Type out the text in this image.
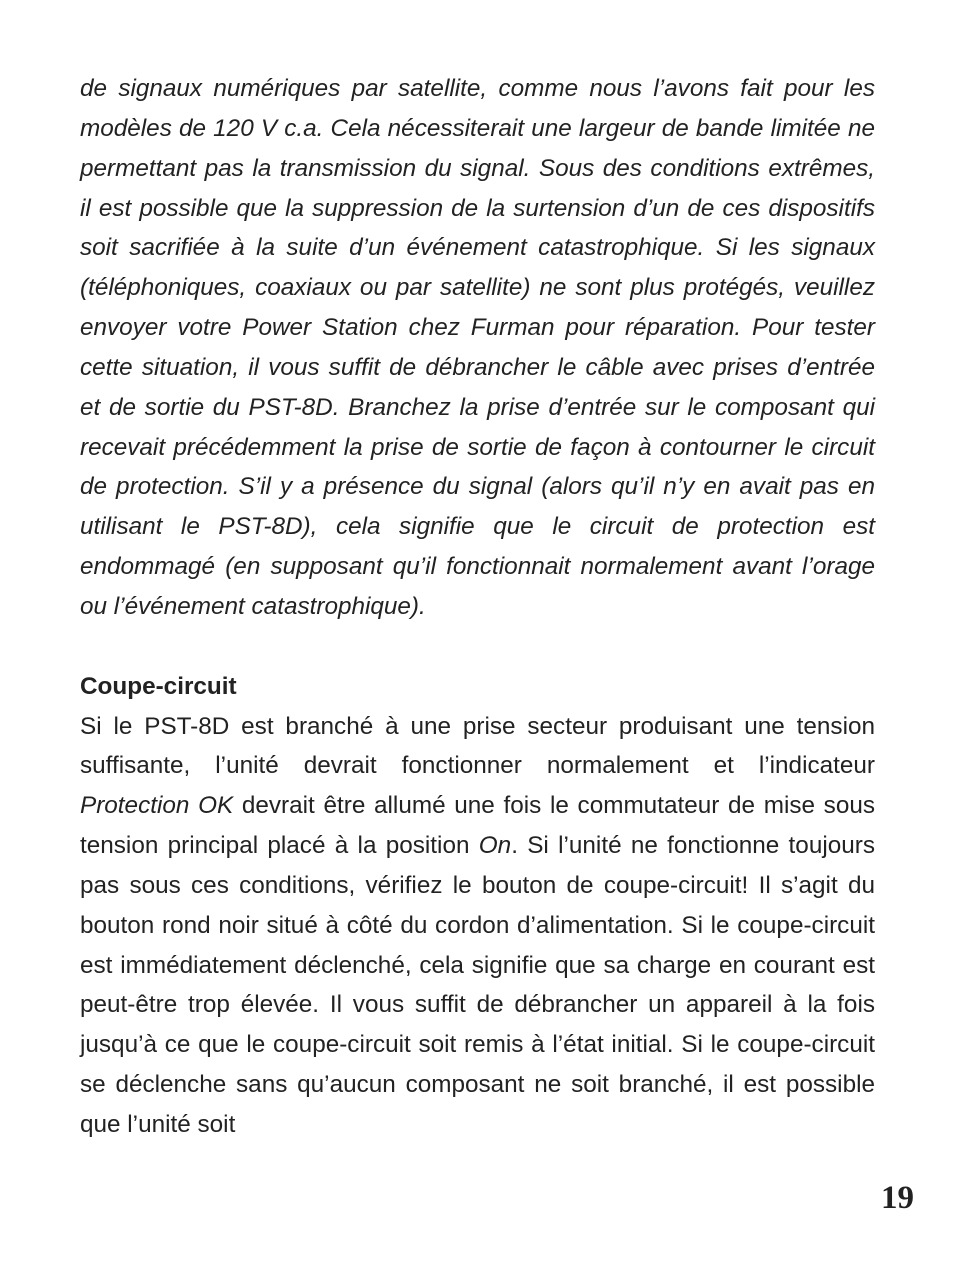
de signaux numériques par satellite, comme nous l’avons fait pour les modèles de 120 V c.a. Cela nécessiterait une largeur de bande limitée ne permettant pas la transmission du signal. Sous des conditions extrêmes, il est possible que la suppression de la surtension d’un de ces dispositifs soit sacrifiée à la suite d’un événement catastrophique. Si les signaux (téléphoniques, coaxiaux ou par satellite) ne sont plus protégés, veuillez envoyer votre Power Station chez Furman pour réparation. Pour tester cette situation, il vous suffit de débrancher le câble avec prises d’entrée et de sortie du PST-8D. Branchez la prise d’entrée sur le composant qui recevait précédemment la prise de sortie de façon à contourner le circuit de protection. S’il y a présence du signal (alors qu’il n’y en avait pas en utilisant le PST-8D), cela signifie que le circuit de protection est endommagé (en supposant qu’il fonctionnait normalement avant l’orage ou l’événement catastrophique).

Coupe-circuit

Si le PST-8D est branché à une prise secteur produisant une tension suffisante, l’unité devrait fonctionner normalement et l’indicateur Protection OK devrait être allumé une fois le commutateur de mise sous tension principal placé à la position On. Si l’unité ne fonctionne toujours pas sous ces conditions, vérifiez le bouton de coupe-circuit! Il s’agit du bouton rond noir situé à côté du cordon d’alimentation. Si le coupe-circuit est immédiatement déclenché, cela signifie que sa charge en courant est peut-être trop élevée. Il vous suffit de débrancher un appareil à la fois jusqu’à ce que le coupe-circuit soit remis à l’état initial. Si le coupe-circuit se déclenche sans qu’aucun composant ne soit branché, il est possible que l’unité soit

19
